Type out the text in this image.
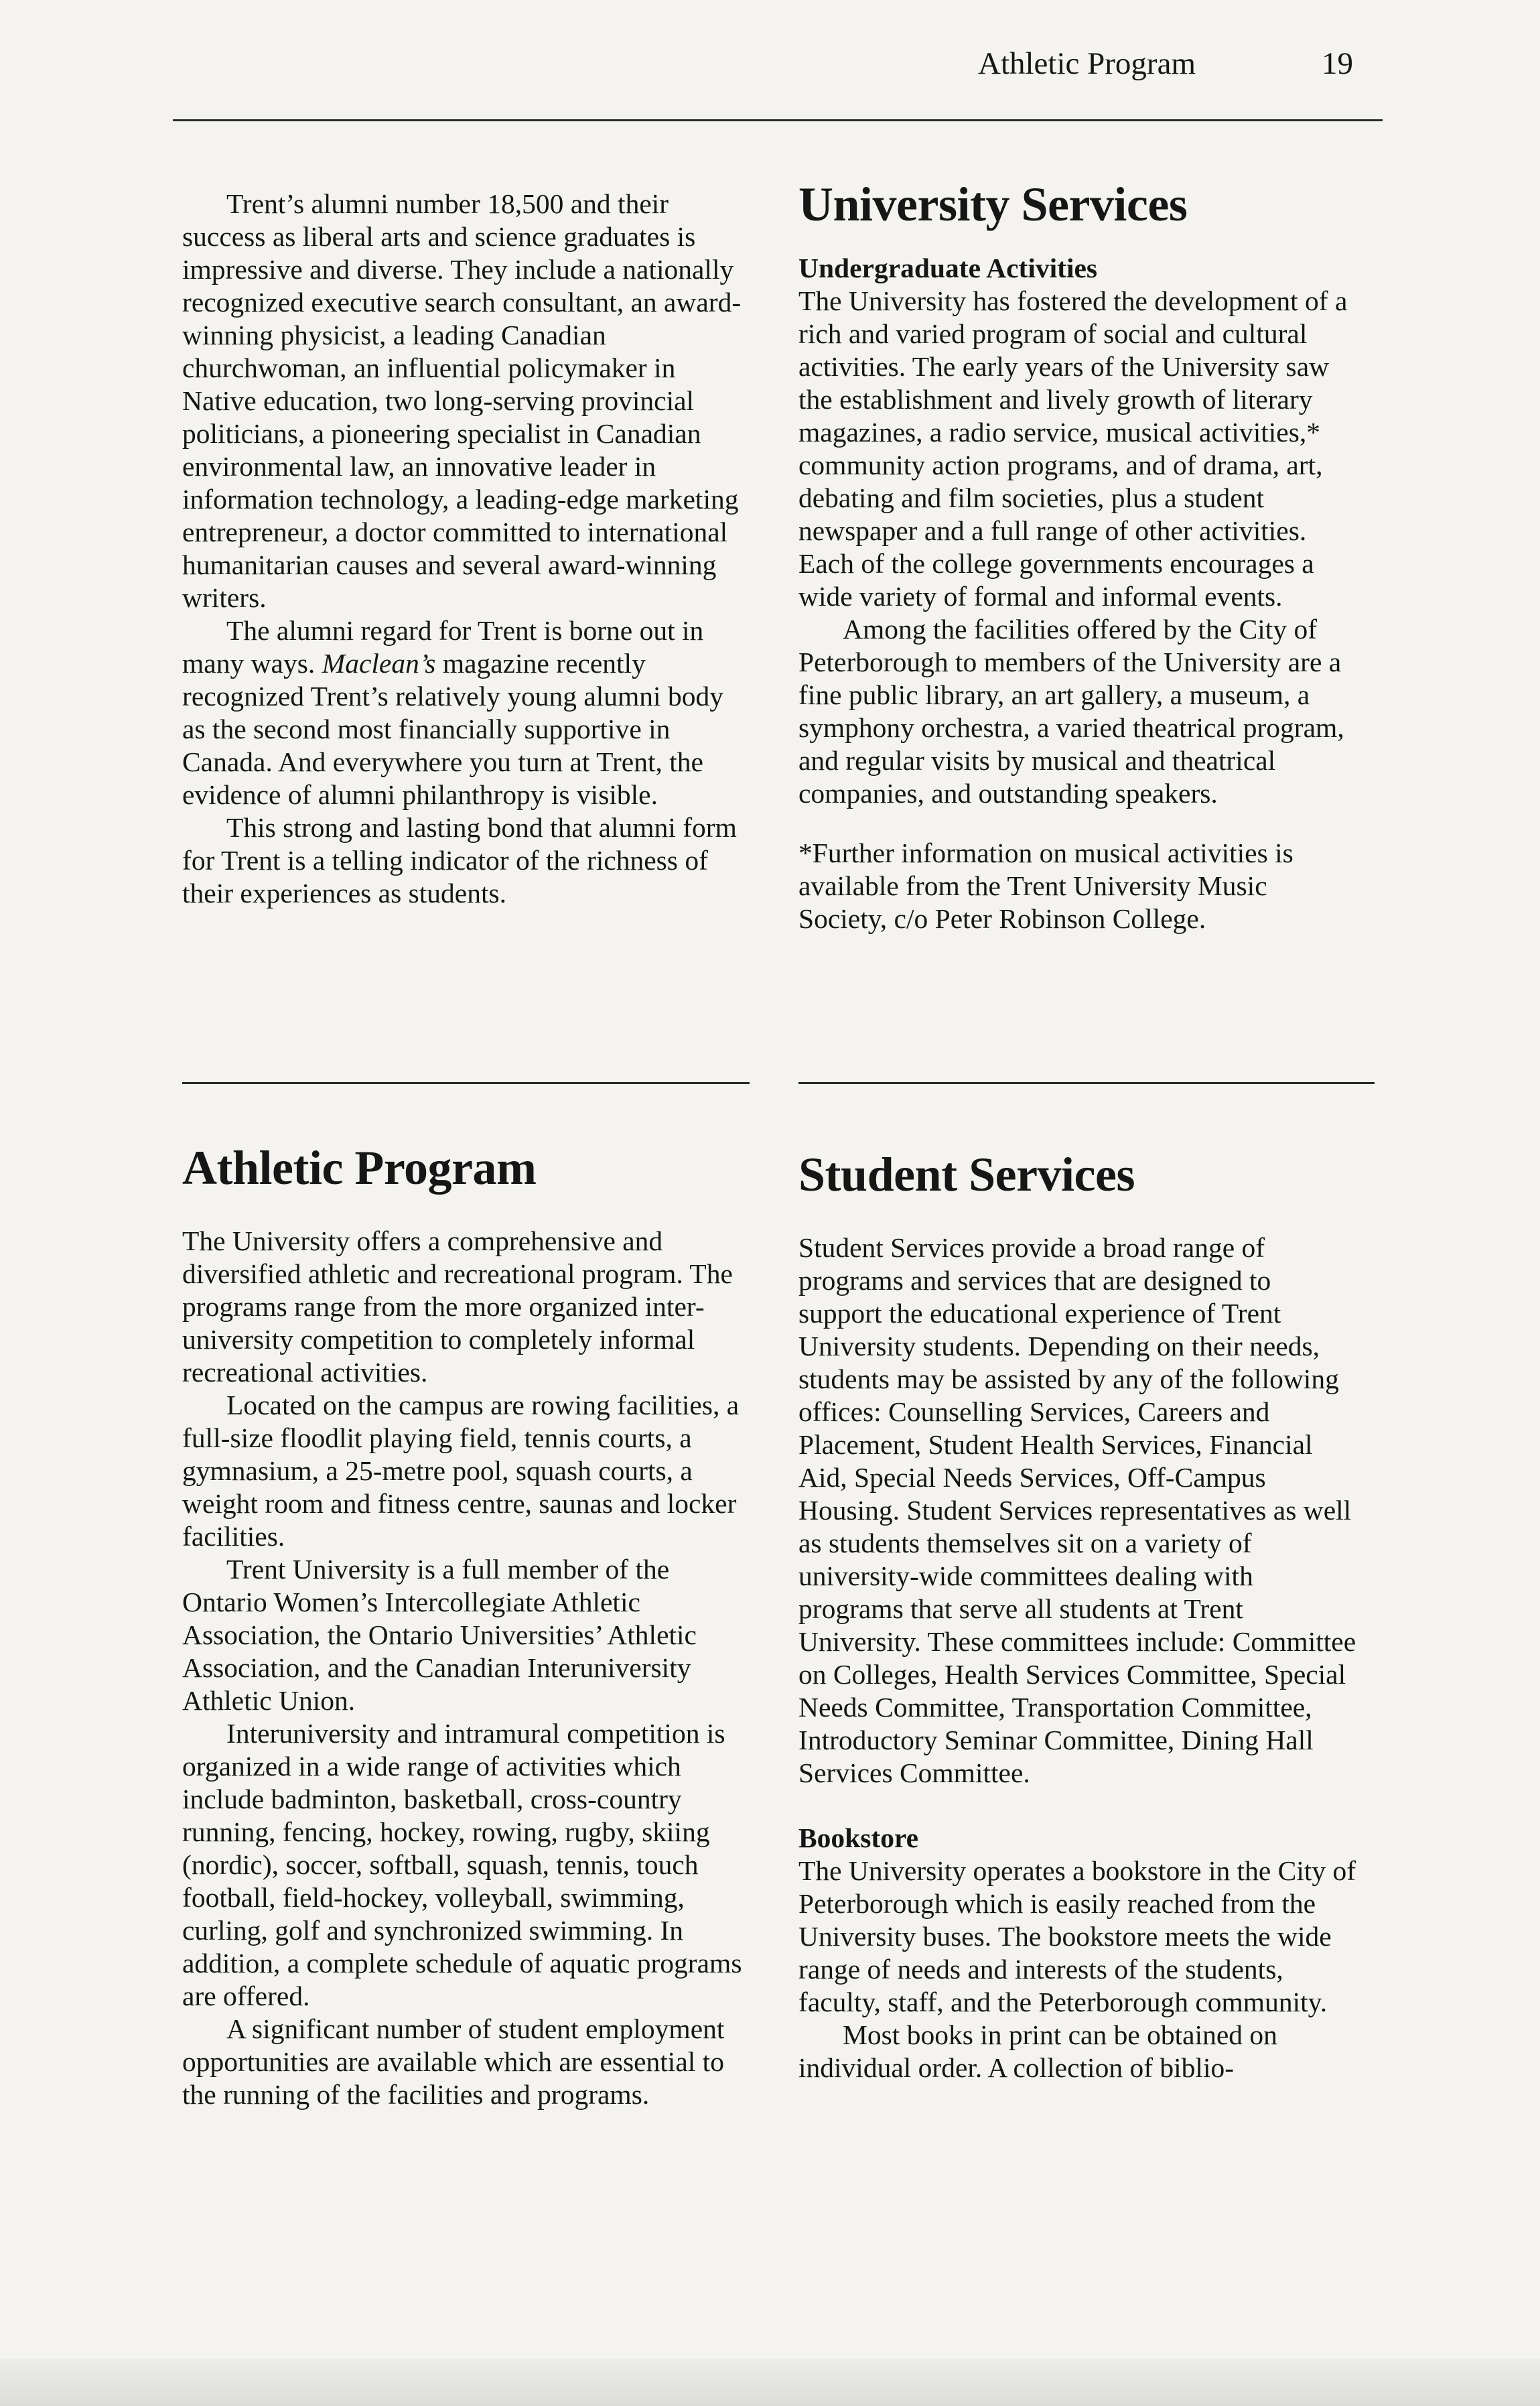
Athletic Program	19

Trent’s alumni number 18,500 and their success as liberal arts and science graduates is impressive and diverse. They include a nationally recognized executive search consultant, an award-winning physicist, a leading Canadian churchwoman, an influential policymaker in Native education, two long-serving provincial politicians, a pioneering specialist in Canadian environmental law, an innovative leader in information technology, a leading-edge marketing entrepreneur, a doctor committed to international humanitarian causes and several award-winning writers.

The alumni regard for Trent is borne out in many ways. Maclean’s magazine recently recognized Trent’s relatively young alumni body as the second most financially supportive in Canada. And everywhere you turn at Trent, the evidence of alumni philanthropy is visible.

This strong and lasting bond that alumni form for Trent is a telling indicator of the richness of their experiences as students.

Athletic Program

The University offers a comprehensive and diversified athletic and recreational program. The programs range from the more organized inter-university competition to completely informal recreational activities.

Located on the campus are rowing facilities, a full-size floodlit playing field, tennis courts, a gymnasium, a 25-metre pool, squash courts, a weight room and fitness centre, saunas and locker facilities.

Trent University is a full member of the Ontario Women’s Intercollegiate Athletic Association, the Ontario Universities’ Athletic Association, and the Canadian Interuniversity Athletic Union.

Interuniversity and intramural competition is organized in a wide range of activities which include badminton, basketball, cross-country running, fencing, hockey, rowing, rugby, skiing (nordic), soccer, softball, squash, tennis, touch football, field-hockey, volleyball, swimming, curling, golf and synchronized swimming. In addition, a complete schedule of aquatic programs are offered.

A significant number of student employment opportunities are available which are essential to the running of the facilities and programs.

University Services
Undergraduate Activities

The University has fostered the development of a rich and varied program of social and cultural activities. The early years of the University saw the establishment and lively growth of literary magazines, a radio service, musical activities,* community action programs, and of drama, art, debating and film societies, plus a student newspaper and a full range of other activities. Each of the college governments encourages a wide variety of formal and informal events.

Among the facilities offered by the City of Peterborough to members of the University are a fine public library, an art gallery, a museum, a symphony orchestra, a varied theatrical program, and regular visits by musical and theatrical companies, and outstanding speakers.

*Further information on musical activities is available from the Trent University Music Society, c/o Peter Robinson College.

Student Services

Student Services provide a broad range of programs and services that are designed to support the educational experience of Trent University students. Depending on their needs, students may be assisted by any of the following offices: Counselling Services, Careers and Placement, Student Health Services, Financial Aid, Special Needs Services, Off-Campus Housing. Student Services representatives as well as students themselves sit on a variety of university-wide committees dealing with programs that serve all students at Trent University. These committees include: Committee on Colleges, Health Services Committee, Special Needs Committee, Transportation Committee, Introductory Seminar Committee, Dining Hall Services Committee.

Bookstore

The University operates a bookstore in the City of Peterborough which is easily reached from the University buses. The bookstore meets the wide range of needs and interests of the students, faculty, staff, and the Peterborough community.

Most books in print can be obtained on individual order. A collection of biblio-
